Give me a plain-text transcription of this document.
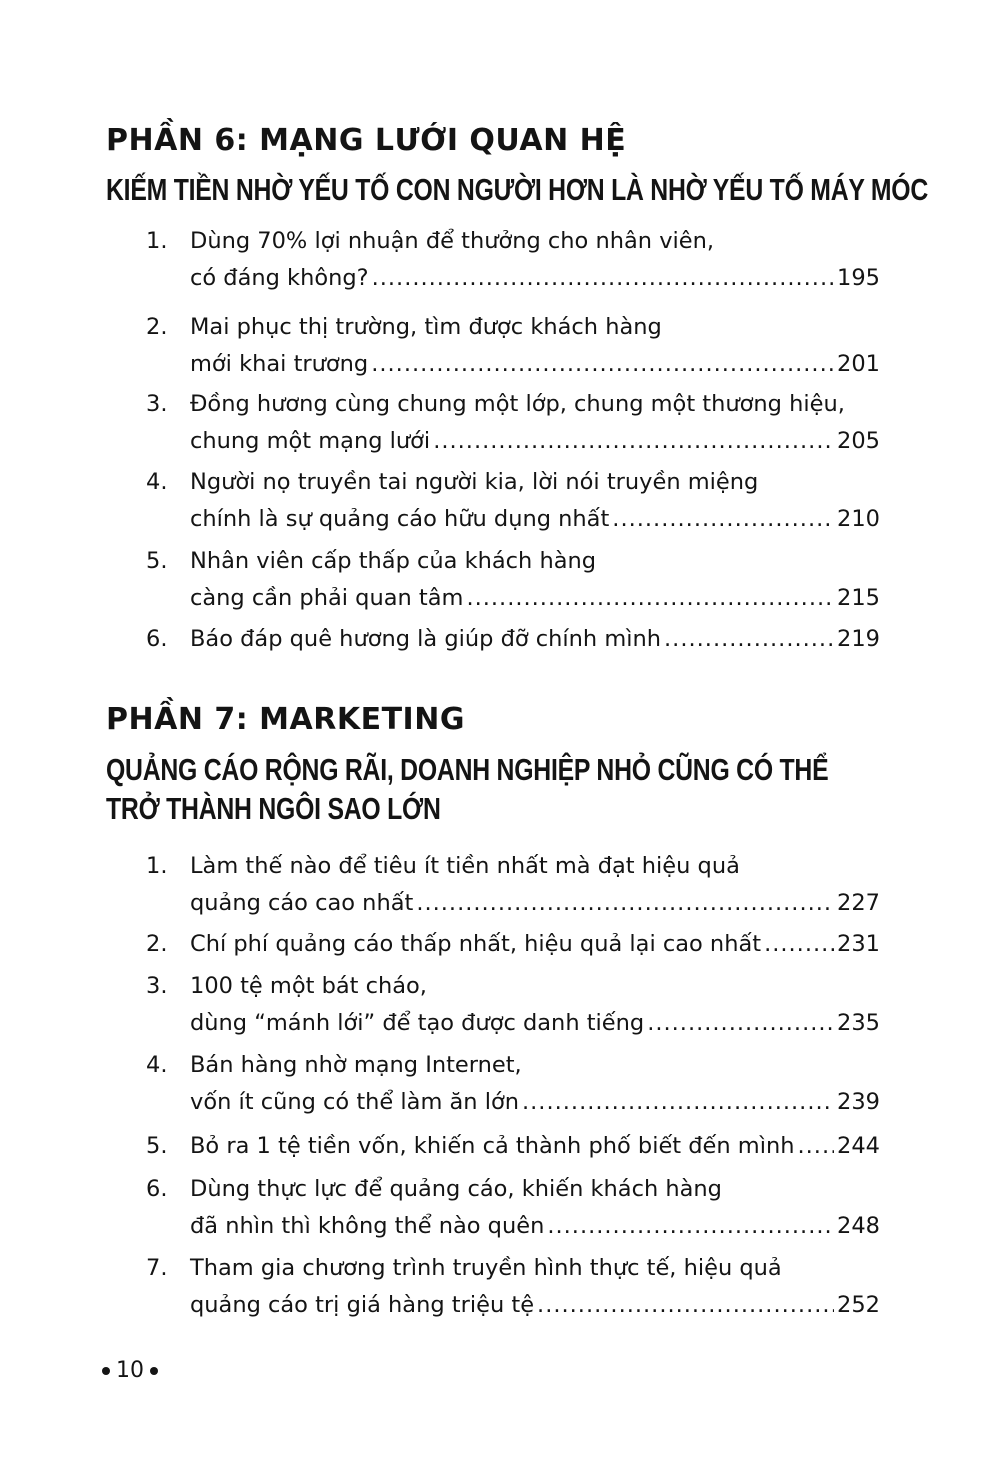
PHẦN 6: MẠNG LƯỚI QUAN HỆ
KIẾM TIỀN NHỜ YẾU TỐ CON NGƯỜI HƠN LÀ NHỜ YẾU TỐ MÁY MÓC
1.	Dùng 70% lợi nhuận để thưởng cho nhân viên,
có đáng không? .....	195
2.	Mai phục thị trường, tìm được khách hàng
mới khai trương .....	201
3.	Đồng hương cùng chung một lớp, chung một thương hiệu,
chung một mạng lưới .....	205
4.	Người nọ truyền tai người kia, lời nói truyền miệng
chính là sự quảng cáo hữu dụng nhất .....	210
5.	Nhân viên cấp thấp của khách hàng
càng cần phải quan tâm .....	215
6.	Báo đáp quê hương là giúp đỡ chính mình .....	219
PHẦN 7: MARKETING
QUẢNG CÁO RỘNG RÃI, DOANH NGHIỆP NHỎ CŨNG CÓ THỂ
TRỞ THÀNH NGÔI SAO LỚN
1.	Làm thế nào để tiêu ít tiền nhất mà đạt hiệu quả
quảng cáo cao nhất .....	227
2.	Chí phí quảng cáo thấp nhất, hiệu quả lại cao nhất .....	231
3.	100 tệ một bát cháo,
dùng “mánh lới” để tạo được danh tiếng .....	235
4.	Bán hàng nhờ mạng Internet,
vốn ít cũng có thể làm ăn lớn .....	239
5.	Bỏ ra 1 tệ tiền vốn, khiến cả thành phố biết đến mình ..... 244
6.	Dùng thực lực để quảng cáo, khiến khách hàng
đã nhìn thì không thể nào quên .....	248
7.	Tham gia chương trình truyền hình thực tế, hiệu quả
quảng cáo trị giá hàng triệu tệ .....	252
10
